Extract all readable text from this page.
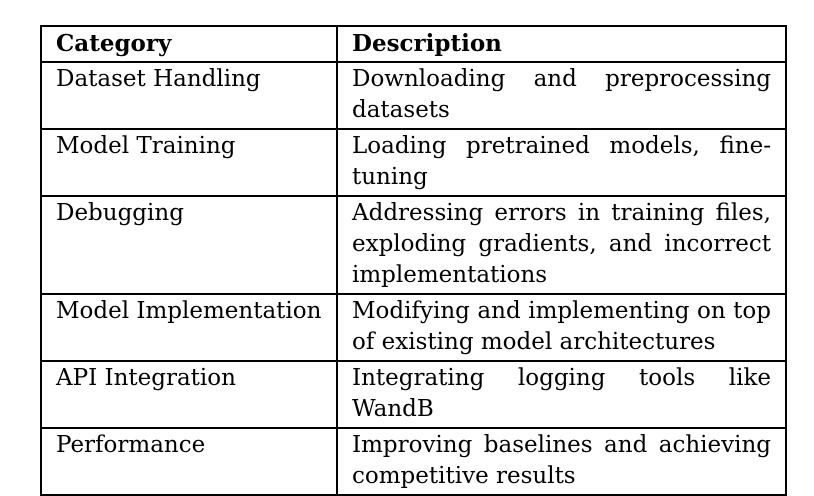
Category	Description
Dataset Handling	Downloading and preprocessing datasets
Model Training	Loading pretrained models, fine-tuning
Debugging	Addressing errors in training files, exploding gradients, and incorrect implementations
Model Implementation	Modifying and implementing on top of existing model architectures
API Integration	Integrating logging tools like WandB
Performance	Improving baselines and achieving competitive results
